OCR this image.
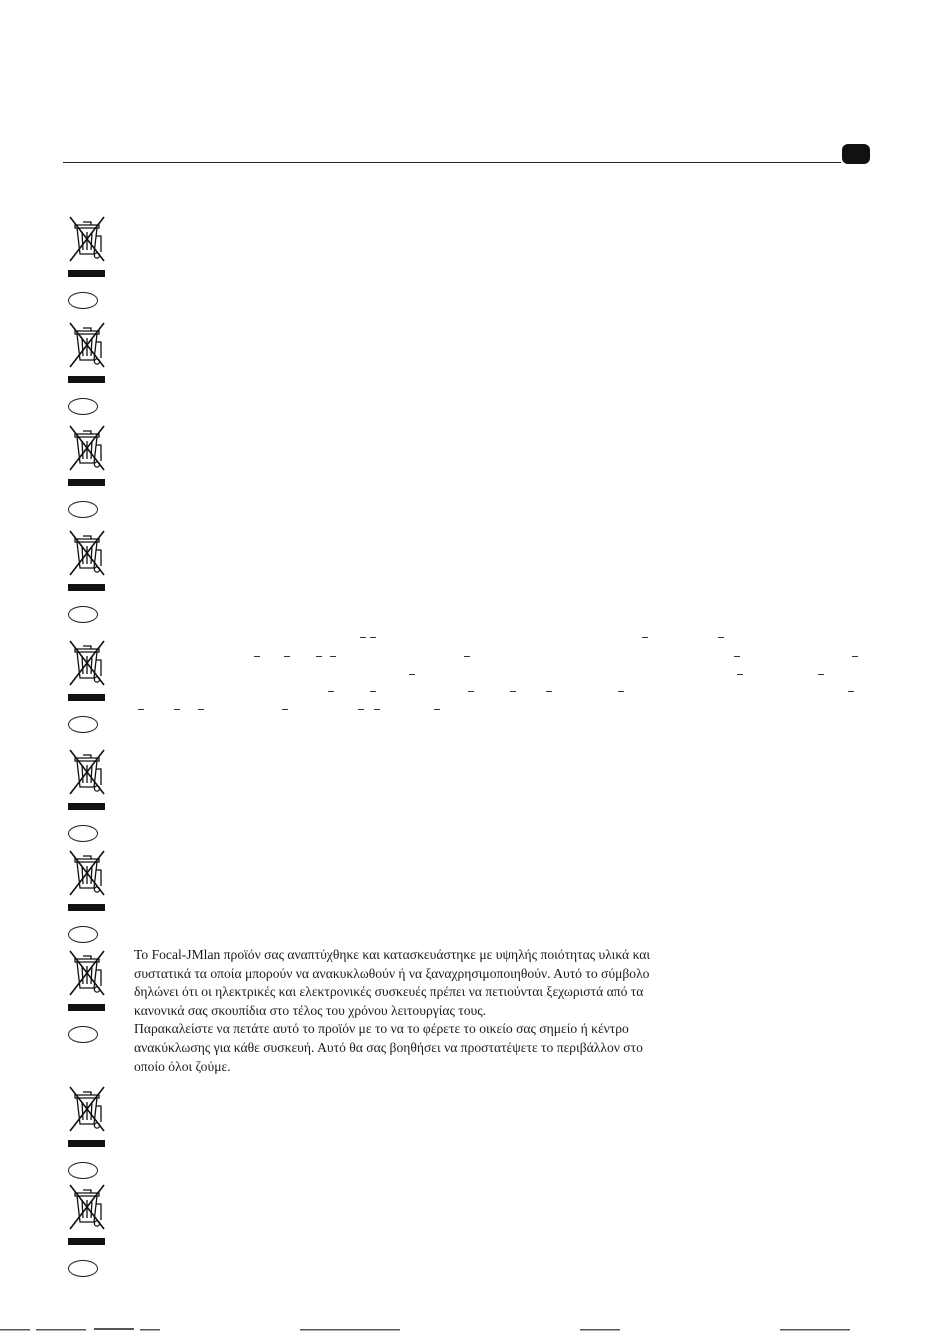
Το Focal-JMlan προϊόν σας αναπτύχθηκε και κατασκευάστηκε με υψηλής ποιότητας υλικά και
συστατικά τα οποία μπορούν να ανακυκλωθούν ή να ξαναχρησιμοποιηθούν. Αυτό το σύμβολο
δηλώνει ότι οι ηλεκτρικές και ελεκτρονικές συσκευές πρέπει να πετιούνται ξεχωριστά από τα
κανονικά σας σκουπίδια στο τέλος του χρόνου λειτουργίας τους.
Παρακαλείστε να πετάτε αυτό το προϊόν με το να το φέρετε το οικείο σας σημείο ή κέντρο
ανακύκλωσης για κάθε συσκευή. Αυτό θα σας βοηθήσει να προστατέψετε το περιβάλλον στο
οποίο όλοι ζούμε.
